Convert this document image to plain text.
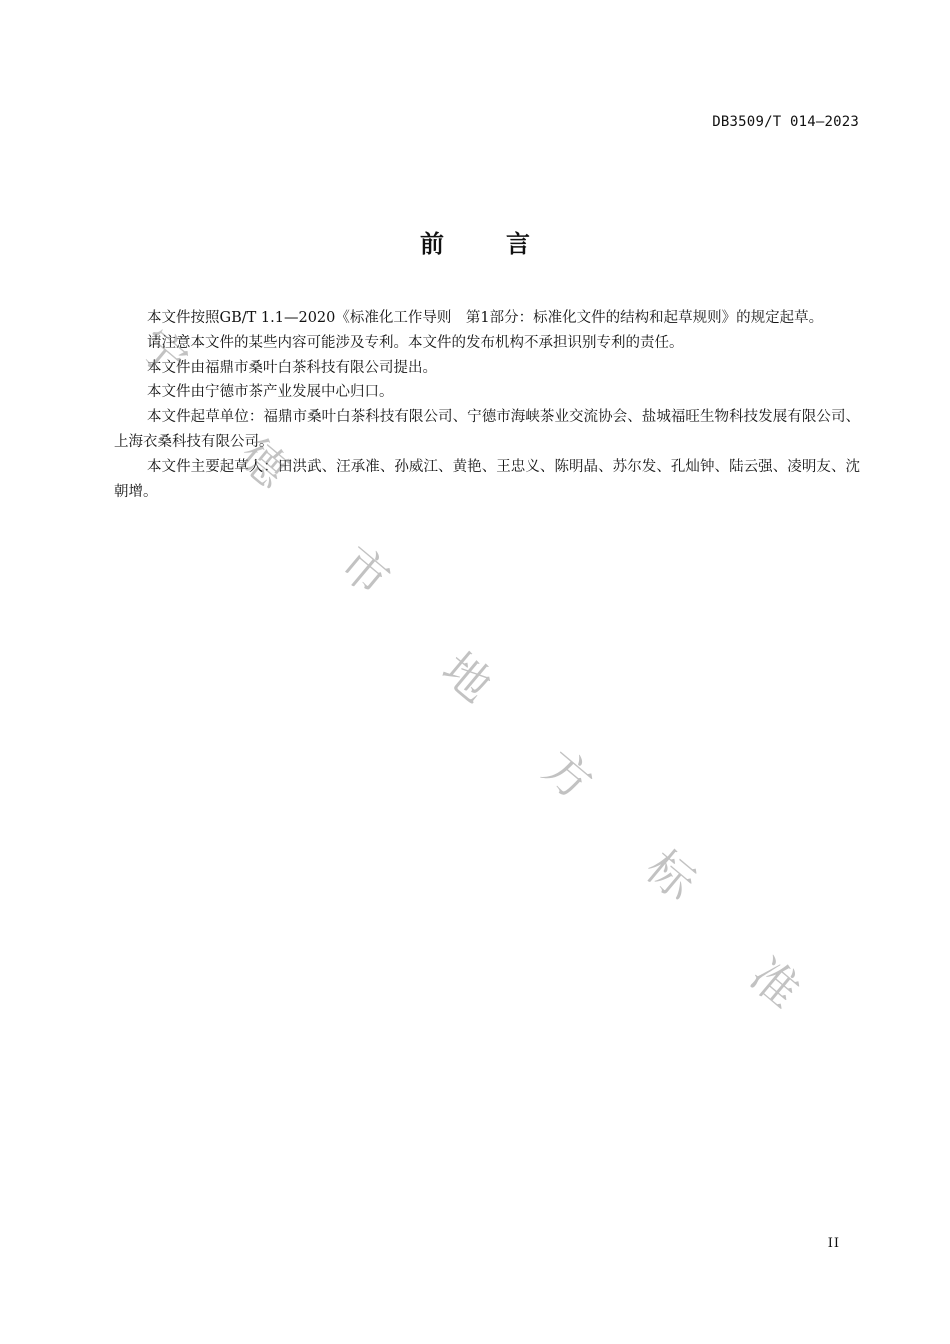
DB3509/T 014—2023
前言

本文件按照GB/T 1.1—2020《标准化工作导则　第1部分：标准化文件的结构和起草规则》的规定起草。

请注意本文件的某些内容可能涉及专利。本文件的发布机构不承担识别专利的责任。

本文件由福鼎市桑叶白茶科技有限公司提出。

本文件由宁德市茶产业发展中心归口。

本文件起草单位：福鼎市桑叶白茶科技有限公司、宁德市海峡茶业交流协会、盐城福旺生物科技发展有限公司、上海衣桑科技有限公司。

本文件主要起草人：田洪武、汪承准、孙威江、黄艳、王忠义、陈明晶、苏尔发、孔灿钟、陆云强、凌明友、沈朝增。

宁
德
市
地
方
标
准
II
